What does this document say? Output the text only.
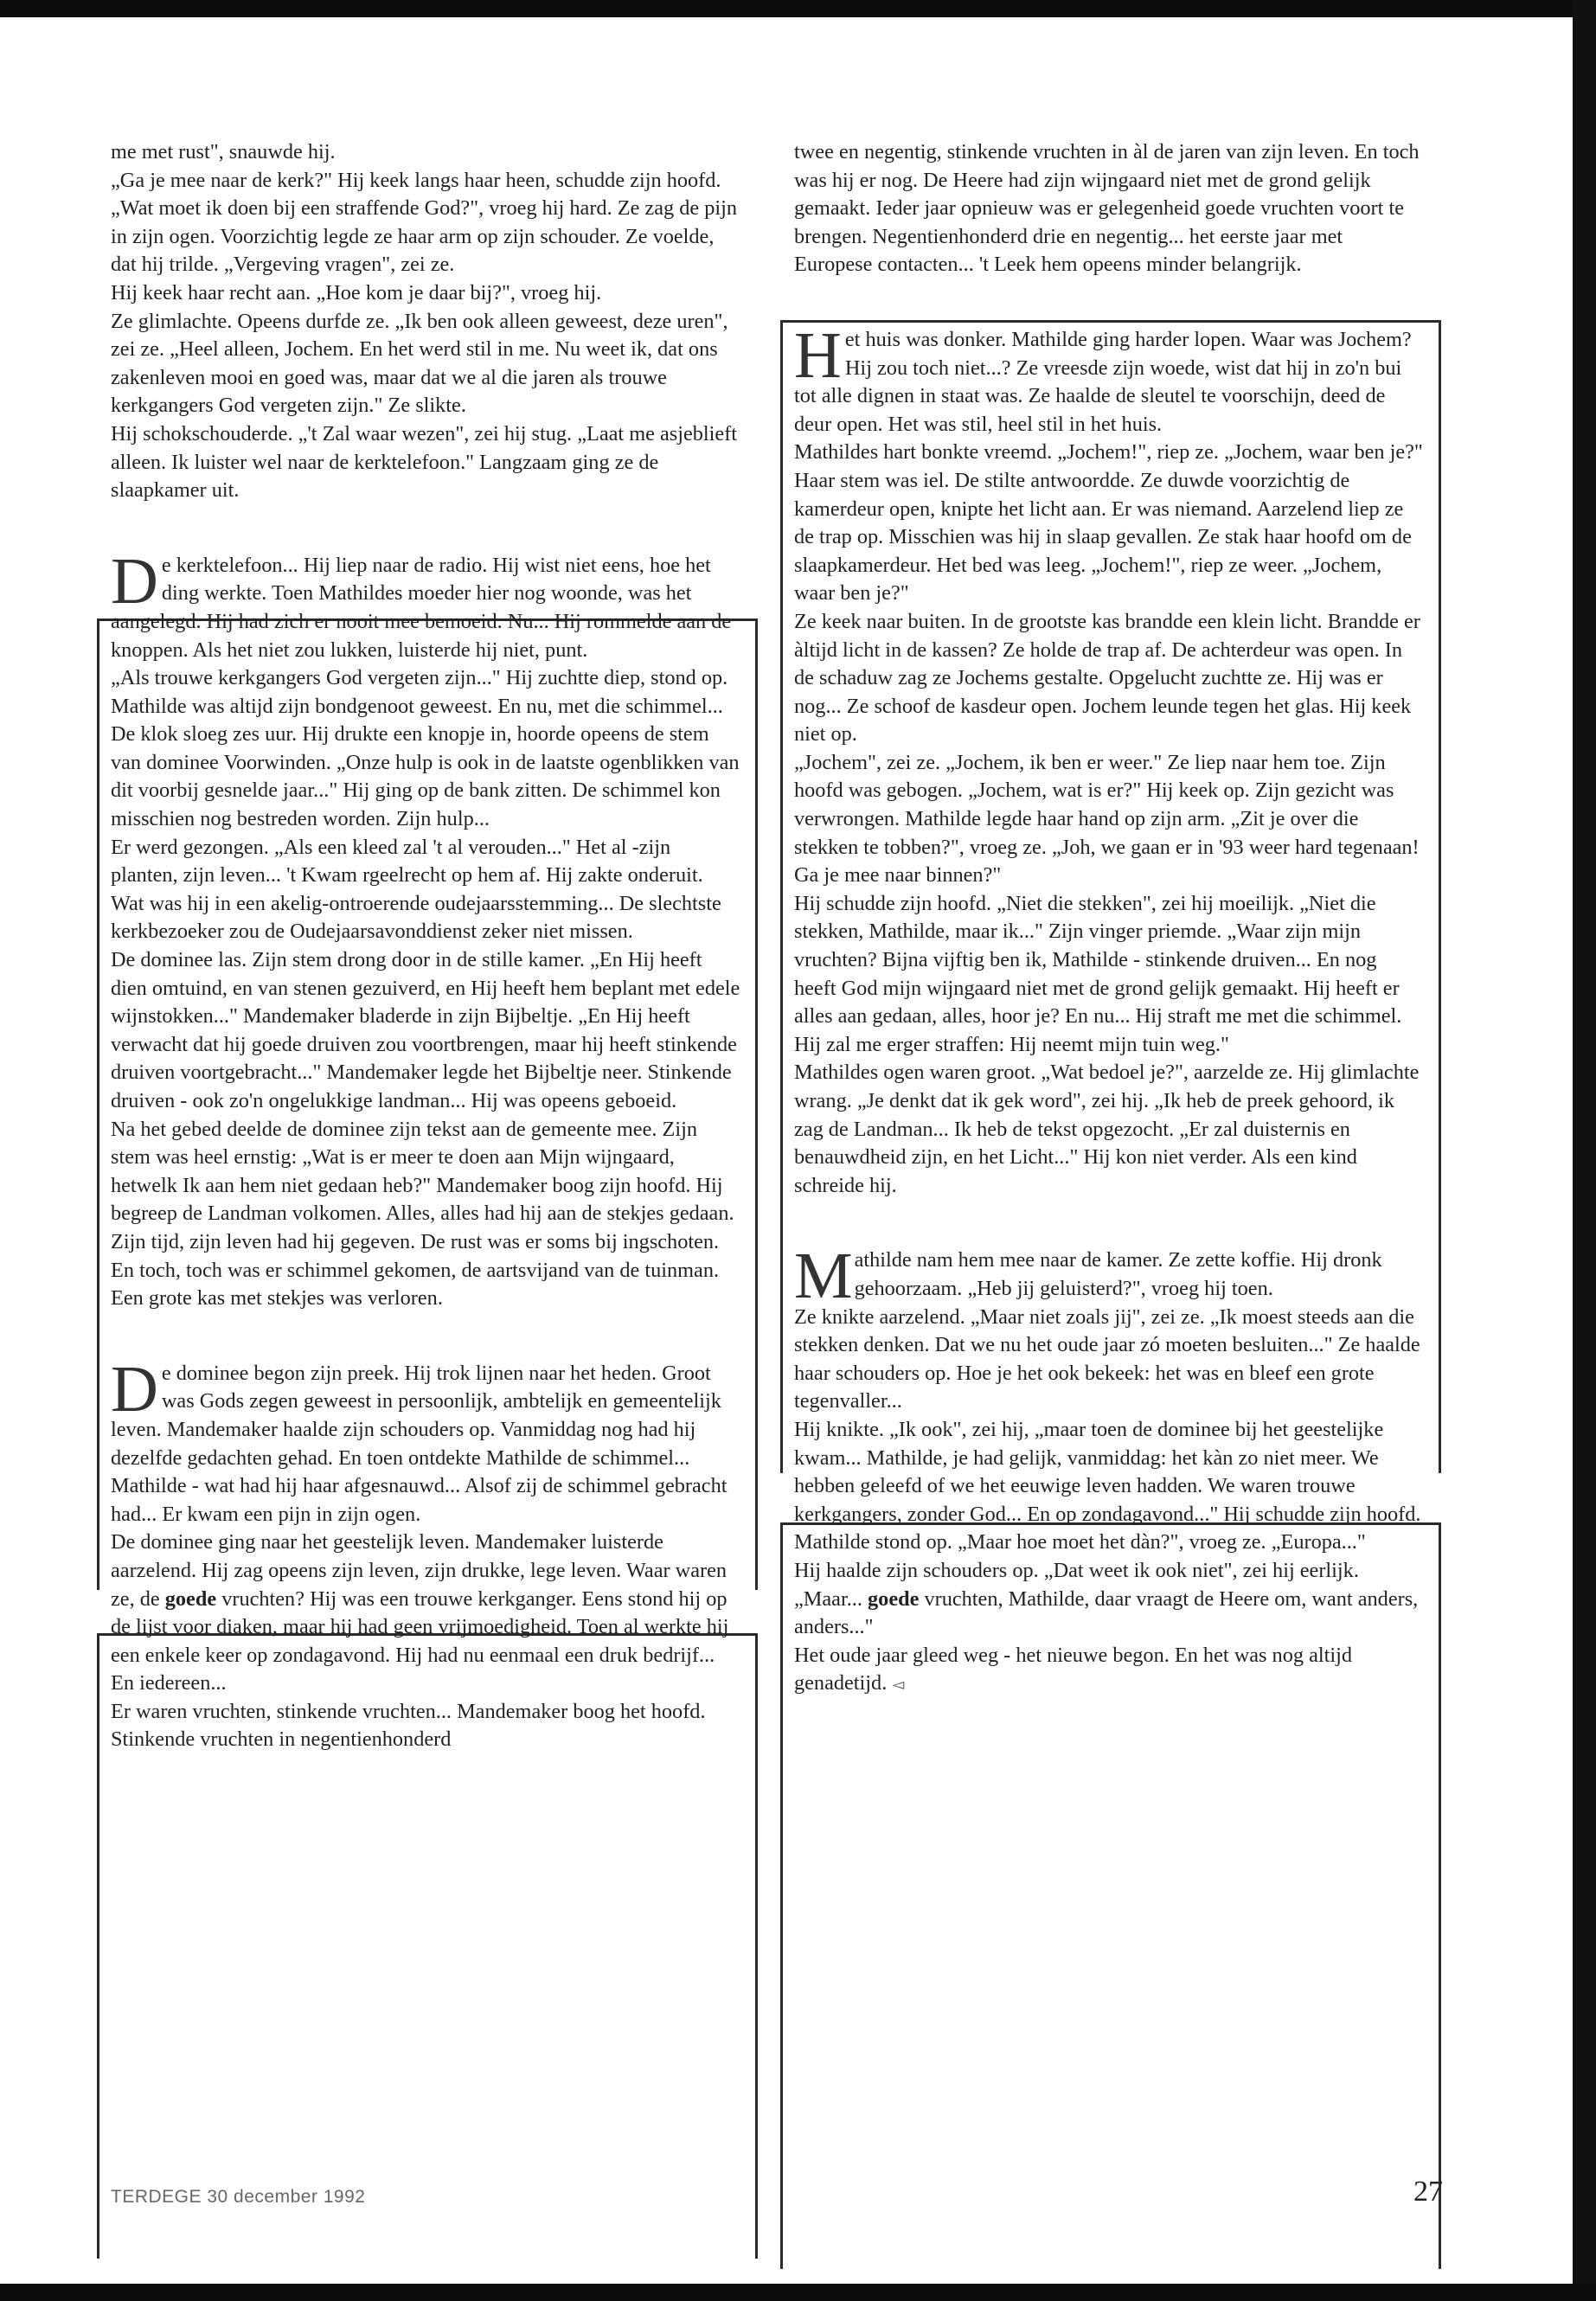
me met rust", snauwde hij.

„Ga je mee naar de kerk?" Hij keek langs haar heen, schudde zijn hoofd. „Wat moet ik doen bij een straffende God?", vroeg hij hard. Ze zag de pijn in zijn ogen. Voorzichtig legde ze haar arm op zijn schouder. Ze voelde, dat hij trilde. „Vergeving vragen", zei ze.

Hij keek haar recht aan. „Hoe kom je daar bij?", vroeg hij.

Ze glimlachte. Opeens durfde ze. „Ik ben ook alleen geweest, deze uren", zei ze. „Heel alleen, Jochem. En het werd stil in me. Nu weet ik, dat ons zakenleven mooi en goed was, maar dat we al die jaren als trouwe kerkgangers God vergeten zijn." Ze slikte.

Hij schokschouderde. „'t Zal waar wezen", zei hij stug. „Laat me asjeblieft alleen. Ik luister wel naar de kerktelefoon." Langzaam ging ze de slaapkamer uit.

De kerktelefoon... Hij liep naar de radio. Hij wist niet eens, hoe het ding werkte. Toen Mathildes moeder hier nog woonde, was het aangelegd. Hij had zich er nooit mee bemoeid. Nu... Hij rommelde aan de knoppen. Als het niet zou lukken, luisterde hij niet, punt.

„Als trouwe kerkgangers God vergeten zijn..." Hij zuchtte diep, stond op. Mathilde was altijd zijn bondgenoot geweest. En nu, met die schimmel...

De klok sloeg zes uur. Hij drukte een knopje in, hoorde opeens de stem van dominee Voorwinden. „Onze hulp is ook in de laatste ogenblikken van dit voorbij gesnelde jaar..." Hij ging op de bank zitten. De schimmel kon misschien nog bestreden worden. Zijn hulp...

Er werd gezongen. „Als een kleed zal 't al verouden..." Het al -zijn planten, zijn leven... 't Kwam rgeelrecht op hem af. Hij zakte onderuit. Wat was hij in een akelig-ontroerende oudejaarsstemming... De slechtste kerkbezoeker zou de Oudejaarsavonddienst zeker niet missen.

De dominee las. Zijn stem drong door in de stille kamer. „En Hij heeft dien omtuind, en van stenen gezuiverd, en Hij heeft hem beplant met edele wijnstokken..." Mandemaker bladerde in zijn Bijbeltje. „En Hij heeft verwacht dat hij goede druiven zou voortbrengen, maar hij heeft stinkende druiven voortgebracht..." Mandemaker legde het Bijbeltje neer. Stinkende druiven - ook zo'n ongelukkige landman... Hij was opeens geboeid.

Na het gebed deelde de dominee zijn tekst aan de gemeente mee. Zijn stem was heel ernstig: „Wat is er meer te doen aan Mijn wijngaard, hetwelk Ik aan hem niet gedaan heb?" Mandemaker boog zijn hoofd. Hij begreep de Landman volkomen. Alles, alles had hij aan de stekjes gedaan. Zijn tijd, zijn leven had hij gegeven. De rust was er soms bij ingschoten. En toch, toch was er schimmel gekomen, de aartsvijand van de tuinman. Een grote kas met stekjes was verloren.

De dominee begon zijn preek. Hij trok lijnen naar het heden. Groot was Gods zegen geweest in persoonlijk, ambtelijk en gemeentelijk leven. Mandemaker haalde zijn schouders op. Vanmiddag nog had hij dezelfde gedachten gehad. En toen ontdekte Mathilde de schimmel... Mathilde - wat had hij haar afgesnauwd... Alsof zij de schimmel gebracht had... Er kwam een pijn in zijn ogen.

De dominee ging naar het geestelijk leven. Mandemaker luisterde aarzelend. Hij zag opeens zijn leven, zijn drukke, lege leven. Waar waren ze, de goede vruchten? Hij was een trouwe kerkganger. Eens stond hij op de lijst voor diaken, maar hij had geen vrijmoedigheid. Toen al werkte hij een enkele keer op zondagavond. Hij had nu eenmaal een druk bedrijf... En iedereen...

Er waren vruchten, stinkende vruchten... Mandemaker boog het hoofd. Stinkende vruchten in negentienhonderd

twee en negentig, stinkende vruchten in àl de jaren van zijn leven. En toch was hij er nog. De Heere had zijn wijngaard niet met de grond gelijk gemaakt. Ieder jaar opnieuw was er gelegenheid goede vruchten voort te brengen. Negentienhonderd drie en negentig... het eerste jaar met Europese contacten... 't Leek hem opeens minder belangrijk.

Het huis was donker. Mathilde ging harder lopen. Waar was Jochem? Hij zou toch niet...? Ze vreesde zijn woede, wist dat hij in zo'n bui tot alle dignen in staat was. Ze haalde de sleutel te voorschijn, deed de deur open. Het was stil, heel stil in het huis.

Mathildes hart bonkte vreemd. „Jochem!", riep ze. „Jochem, waar ben je?" Haar stem was iel. De stilte antwoordde. Ze duwde voorzichtig de kamerdeur open, knipte het licht aan. Er was niemand. Aarzelend liep ze de trap op. Misschien was hij in slaap gevallen. Ze stak haar hoofd om de slaapkamerdeur. Het bed was leeg. „Jochem!", riep ze weer. „Jochem, waar ben je?"

Ze keek naar buiten. In de grootste kas brandde een klein licht. Brandde er àltijd licht in de kassen? Ze holde de trap af. De achterdeur was open. In de schaduw zag ze Jochems gestalte. Opgelucht zuchtte ze. Hij was er nog... Ze schoof de kasdeur open. Jochem leunde tegen het glas. Hij keek niet op.

„Jochem", zei ze. „Jochem, ik ben er weer." Ze liep naar hem toe. Zijn hoofd was gebogen. „Jochem, wat is er?" Hij keek op. Zijn gezicht was verwrongen. Mathilde legde haar hand op zijn arm. „Zit je over die stekken te tobben?", vroeg ze. „Joh, we gaan er in '93 weer hard tegenaan! Ga je mee naar binnen?"

Hij schudde zijn hoofd. „Niet die stekken", zei hij moeilijk. „Niet die stekken, Mathilde, maar ik..." Zijn vinger priemde. „Waar zijn mijn vruchten? Bijna vijftig ben ik, Mathilde - stinkende druiven... En nog heeft God mijn wijngaard niet met de grond gelijk gemaakt. Hij heeft er alles aan gedaan, alles, hoor je? En nu... Hij straft me met die schimmel. Hij zal me erger straffen: Hij neemt mijn tuin weg."

Mathildes ogen waren groot. „Wat bedoel je?", aarzelde ze. Hij glimlachte wrang. „Je denkt dat ik gek word", zei hij. „Ik heb de preek gehoord, ik zag de Landman... Ik heb de tekst opgezocht. „Er zal duisternis en benauwdheid zijn, en het Licht..." Hij kon niet verder. Als een kind schreide hij.

Mathilde nam hem mee naar de kamer. Ze zette koffie. Hij dronk gehoorzaam. „Heb jij geluisterd?", vroeg hij toen.

Ze knikte aarzelend. „Maar niet zoals jij", zei ze. „Ik moest steeds aan die stekken denken. Dat we nu het oude jaar zó moeten besluiten..." Ze haalde haar schouders op. Hoe je het ook bekeek: het was en bleef een grote tegenvaller...

Hij knikte. „Ik ook", zei hij, „maar toen de dominee bij het geestelijke kwam... Mathilde, je had gelijk, vanmiddag: het kàn zo niet meer. We hebben geleefd of we het eeuwige leven hadden. We waren trouwe kerkgangers, zonder God... En op zondagavond..." Hij schudde zijn hoofd.

Mathilde stond op. „Maar hoe moet het dàn?", vroeg ze. „Europa..."

Hij haalde zijn schouders op. „Dat weet ik ook niet", zei hij eerlijk. „Maar... goede vruchten, Mathilde, daar vraagt de Heere om, want anders, anders..."

Het oude jaar gleed weg - het nieuwe begon. En het was nog altijd genadetijd. ◅

TERDEGE 30 december 1992	27
